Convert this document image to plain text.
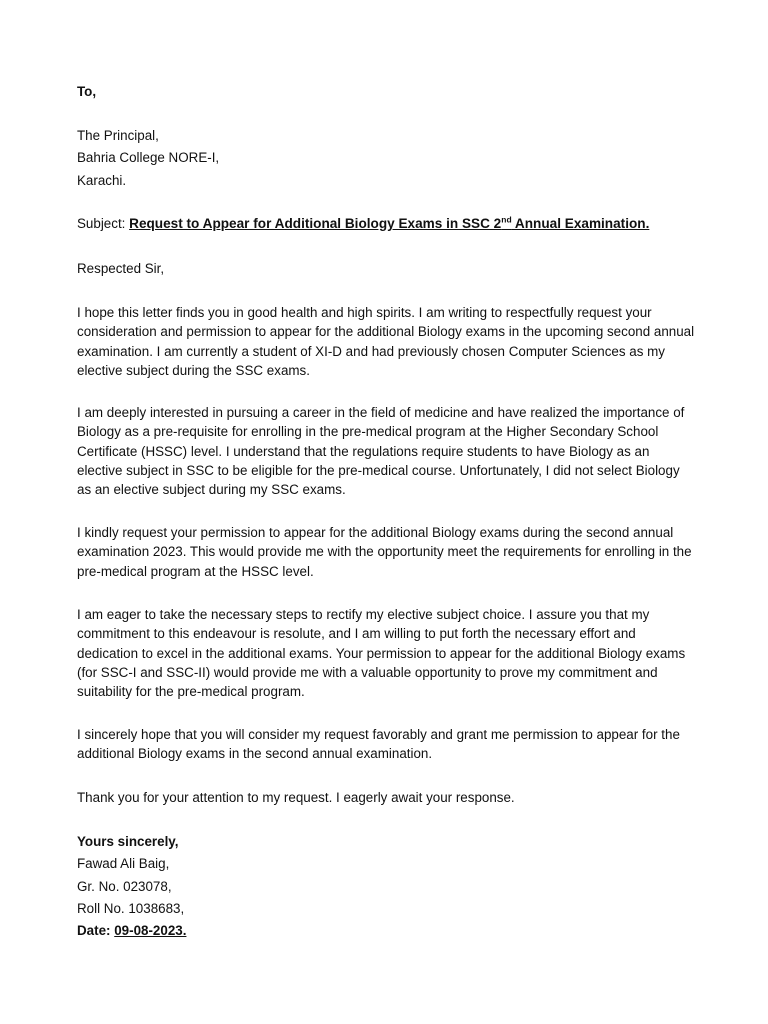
To,

The Principal,

Bahria College NORE-I,

Karachi.

Subject: Request to Appear for Additional Biology Exams in SSC 2nd Annual Examination.

Respected Sir,

I hope this letter finds you in good health and high spirits. I am writing to respectfully request your consideration and permission to appear for the additional Biology exams in the upcoming second annual examination. I am currently a student of XI-D and had previously chosen Computer Sciences as my elective subject during the SSC exams.

I am deeply interested in pursuing a career in the field of medicine and have realized the importance of Biology as a pre-requisite for enrolling in the pre-medical program at the Higher Secondary School Certificate (HSSC) level. I understand that the regulations require students to have Biology as an elective subject in SSC to be eligible for the pre-medical course. Unfortunately, I did not select Biology as an elective subject during my SSC exams.

I kindly request your permission to appear for the additional Biology exams during the second annual examination 2023. This would provide me with the opportunity meet the requirements for enrolling in the pre-medical program at the HSSC level.

I am eager to take the necessary steps to rectify my elective subject choice. I assure you that my commitment to this endeavour is resolute, and I am willing to put forth the necessary effort and dedication to excel in the additional exams. Your permission to appear for the additional Biology exams (for SSC-I and SSC-II) would provide me with a valuable opportunity to prove my commitment and suitability for the pre-medical program.

I sincerely hope that you will consider my request favorably and grant me permission to appear for the additional Biology exams in the second annual examination.

Thank you for your attention to my request. I eagerly await your response.

Yours sincerely,

Fawad Ali Baig,

Gr. No. 023078,

Roll No. 1038683,

Date: 09-08-2023.
